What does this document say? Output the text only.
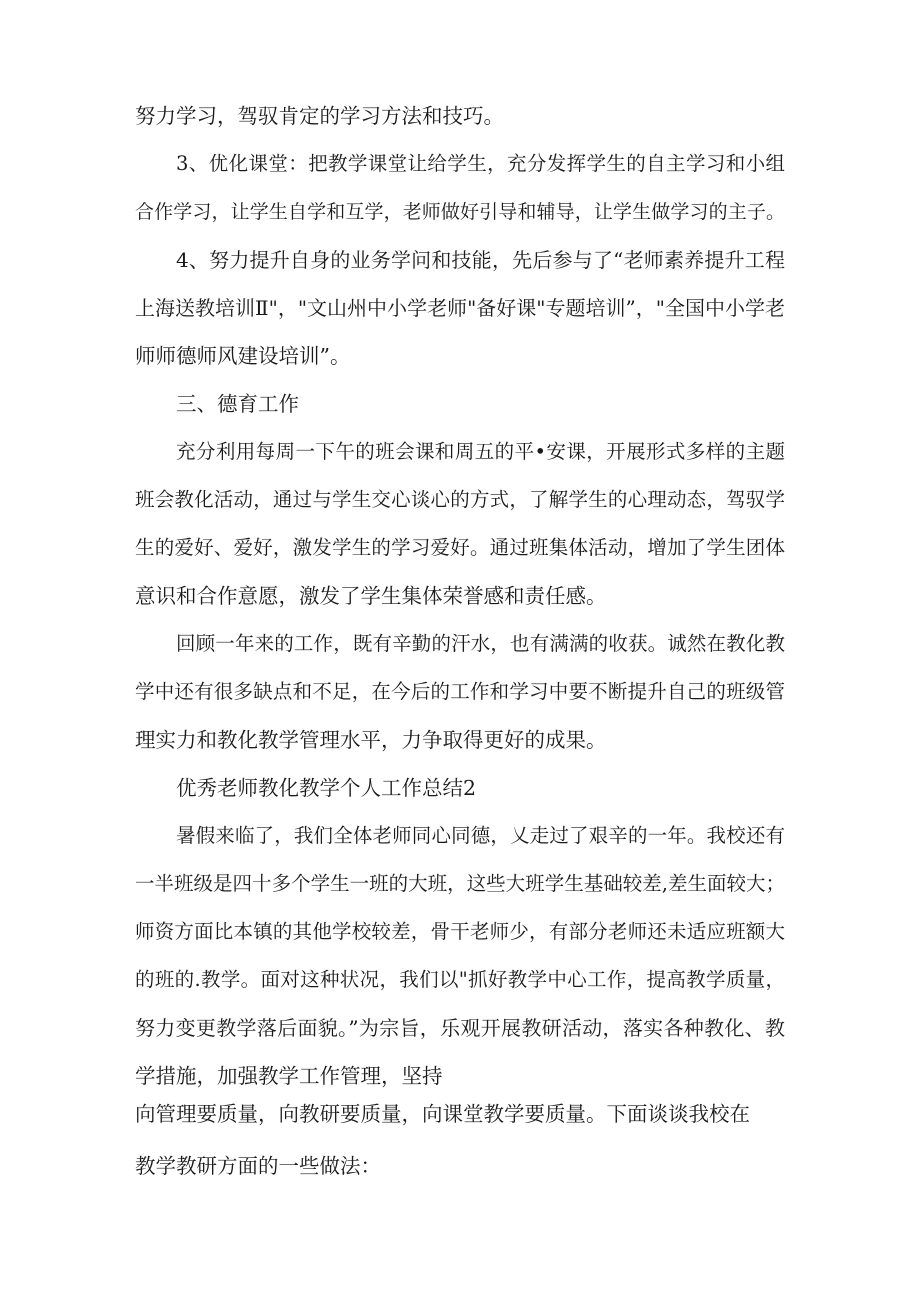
努力学习，驾驭肯定的学习方法和技巧。

3、优化课堂：把教学课堂让给学生，充分发挥学生的自主学习和小组

合作学习，让学生自学和互学，老师做好引导和辅导，让学生做学习的主子。

4、努力提升自身的业务学问和技能，先后参与了“老师素养提升工程

上海送教培训Ⅱ"，"文山州中小学老师"备好课"专题培训”，"全国中小学老

师师德师风建设培训”。

三、德育工作

充分利用每周一下午的班会课和周五的平•安课，开展形式多样的主题

班会教化活动，通过与学生交心谈心的方式，了解学生的心理动态，驾驭学

生的爱好、爱好，激发学生的学习爱好。通过班集体活动，增加了学生团体

意识和合作意愿，激发了学生集体荣誉感和责任感。

回顾一年来的工作，既有辛勤的汗水，也有满满的收获。诚然在教化教

学中还有很多缺点和不足，在今后的工作和学习中要不断提升自己的班级管

理实力和教化教学管理水平，力争取得更好的成果。

优秀老师教化教学个人工作总结2

暑假来临了，我们全体老师同心同德，乂走过了艰辛的一年。我校还有

一半班级是四十多个学生一班的大班，这些大班学生基础较差,差生面较大；

师资方面比本镇的其他学校较差，骨干老师少，有部分老师还未适应班额大

的班的.教学。面对这种状况，我们以"抓好教学中心工作，提高教学质量，

努力变更教学落后面貌。”为宗旨，乐观开展教研活动，落实各种教化、教

学措施，加强教学工作管理，坚持

向管理要质量，向教研要质量，向课堂教学要质量。下面谈谈我校在

教学教研方面的一些做法：
